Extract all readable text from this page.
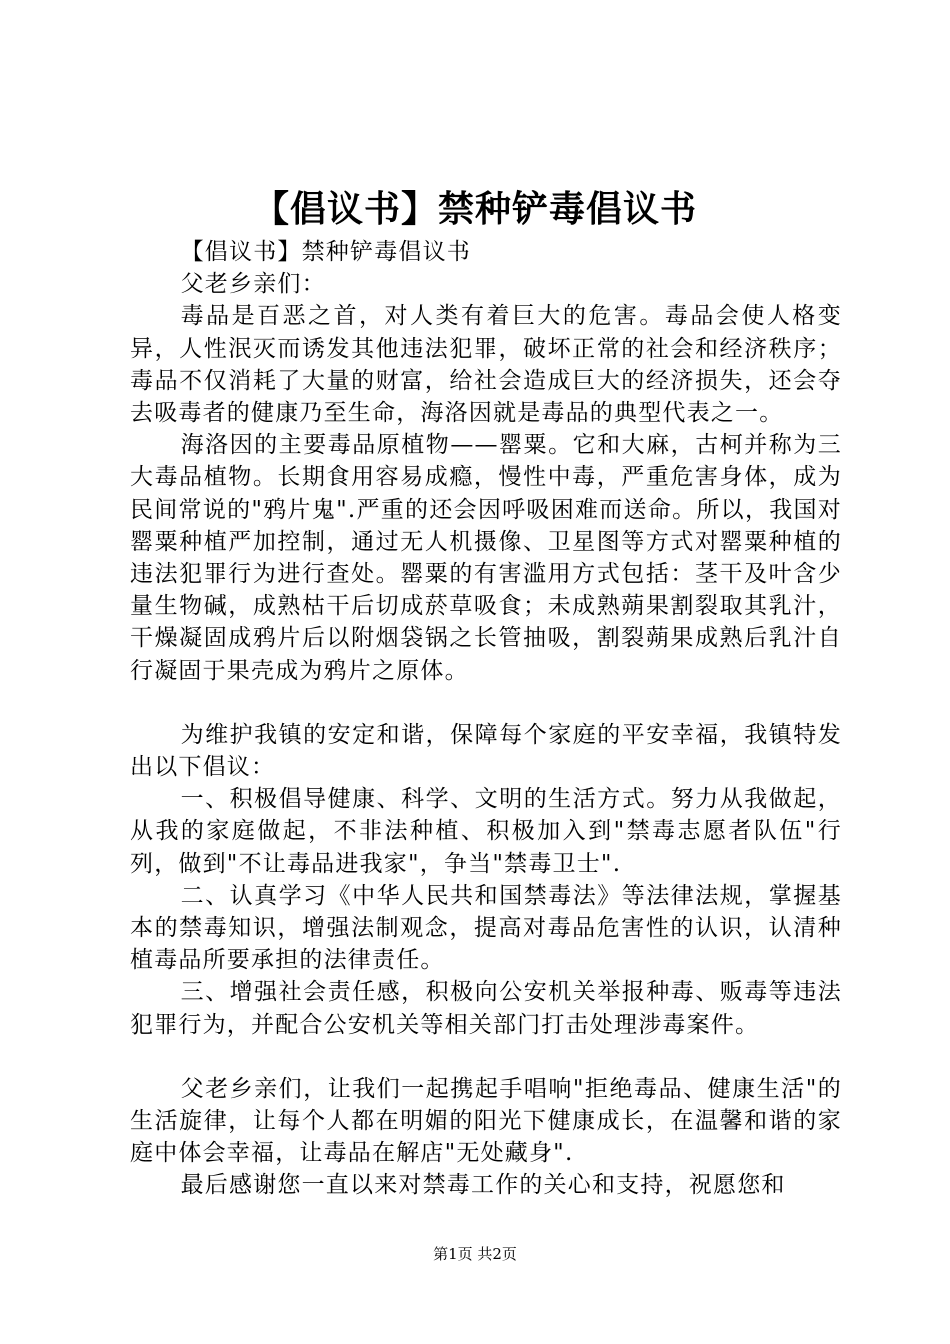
【倡议书】禁种铲毒倡议书

【倡议书】禁种铲毒倡议书

父老乡亲们：

毒品是百恶之首，对人类有着巨大的危害。毒品会使人格变异，人性泯灭而诱发其他违法犯罪，破坏正常的社会和经济秩序；毒品不仅消耗了大量的财富，给社会造成巨大的经济损失，还会夺去吸毒者的健康乃至生命，海洛因就是毒品的典型代表之一。

海洛因的主要毒品原植物——罂粟。它和大麻，古柯并称为三大毒品植物。长期食用容易成瘾，慢性中毒，严重危害身体，成为民间常说的"鸦片鬼".严重的还会因呼吸困难而送命。所以，我国对罂粟种植严加控制，通过无人机摄像、卫星图等方式对罂粟种植的违法犯罪行为进行查处。罂粟的有害滥用方式包括：茎干及叶含少量生物碱，成熟枯干后切成菸草吸食；未成熟蒴果割裂取其乳汁，干燥凝固成鸦片后以附烟袋锅之长管抽吸，割裂蒴果成熟后乳汁自行凝固于果壳成为鸦片之原体。

为维护我镇的安定和谐，保障每个家庭的平安幸福，我镇特发出以下倡议：

一、积极倡导健康、科学、文明的生活方式。努力从我做起，从我的家庭做起，不非法种植、积极加入到"禁毒志愿者队伍"行列，做到"不让毒品进我家"，争当"禁毒卫士".

二、认真学习《中华人民共和国禁毒法》等法律法规，掌握基本的禁毒知识，增强法制观念，提高对毒品危害性的认识，认清种植毒品所要承担的法律责任。

三、增强社会责任感，积极向公安机关举报种毒、贩毒等违法犯罪行为，并配合公安机关等相关部门打击处理涉毒案件。

父老乡亲们，让我们一起携起手唱响"拒绝毒品、健康生活"的生活旋律，让每个人都在明媚的阳光下健康成长，在温馨和谐的家庭中体会幸福，让毒品在解店"无处藏身".

最后感谢您一直以来对禁毒工作的关心和支持，祝愿您和

第1页 共2页
